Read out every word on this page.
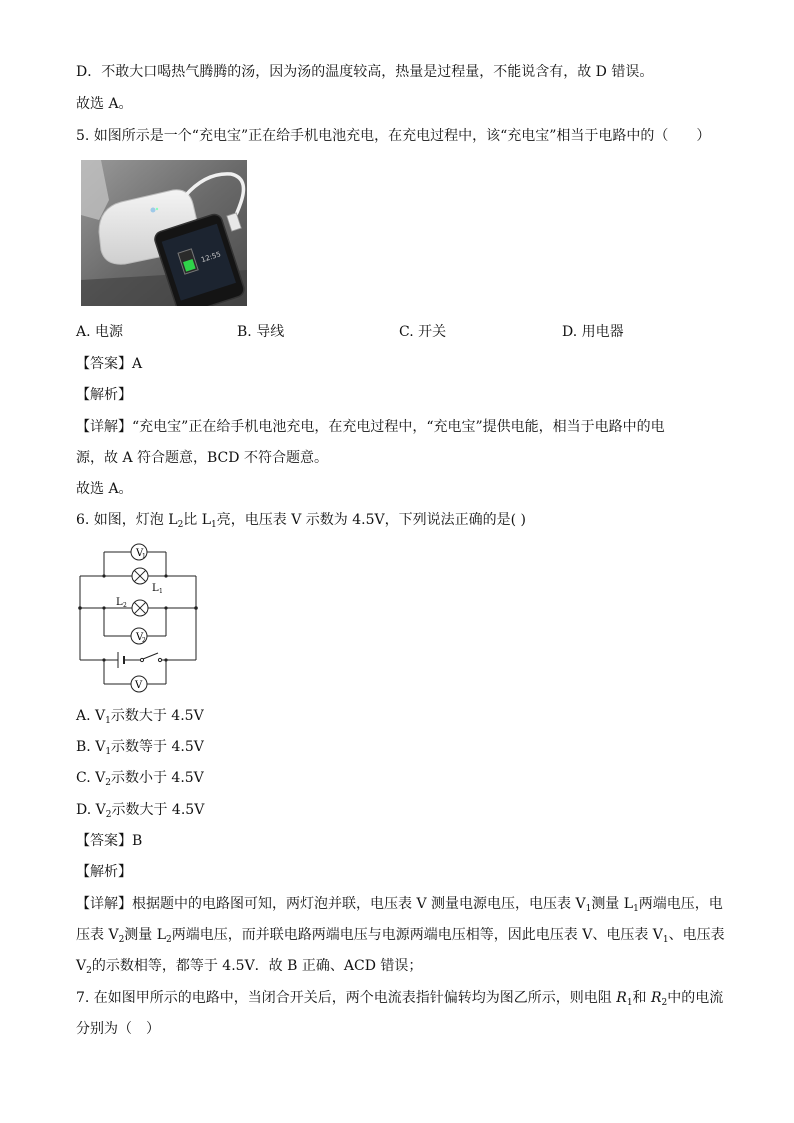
D．不敢大口喝热气腾腾的汤，因为汤的温度较高，热量是过程量，不能说含有，故 D 错误。
故选 A。
5. 如图所示是一个“充电宝”正在给手机电池充电，在充电过程中，该“充电宝”相当于电路中的（　　）
12:55
A. 电源	B. 导线	C. 开关	D. 用电器
【答案】A
【解析】
【详解】“充电宝”正在给手机电池充电，在充电过程中，“充电宝”提供电能，相当于电路中的电
源，故 A 符合题意，BCD 不符合题意。
故选 A。
6. 如图，灯泡 $L_2$比 $L_1$亮，电压表 V 示数为 4.5V，下列说法正确的是( )
V
1
L 1
L 2
V
2
V
A. $V_1$示数大于 4.5V
B. $V_1$示数等于 4.5V
C. $V_2$示数小于 4.5V
D. $V_2$示数大于 4.5V
【答案】B
【解析】
【详解】根据题中的电路图可知，两灯泡并联，电压表 V 测量电源电压，电压表 $V_1$测量 $L_1$两端电压，电
压表 $V_2$测量 $L_2$两端电压，而并联电路两端电压与电源两端电压相等，因此电压表 V、电压表 $V_1$、电压表
$V_2$的示数相等，都等于 4.5V．故 B 正确、ACD 错误；
7. 在如图甲所示的电路中，当闭合开关后，两个电流表指针偏转均为图乙所示，则电阻 $R_1$和 $R_2$中的电流
分别为（　）
